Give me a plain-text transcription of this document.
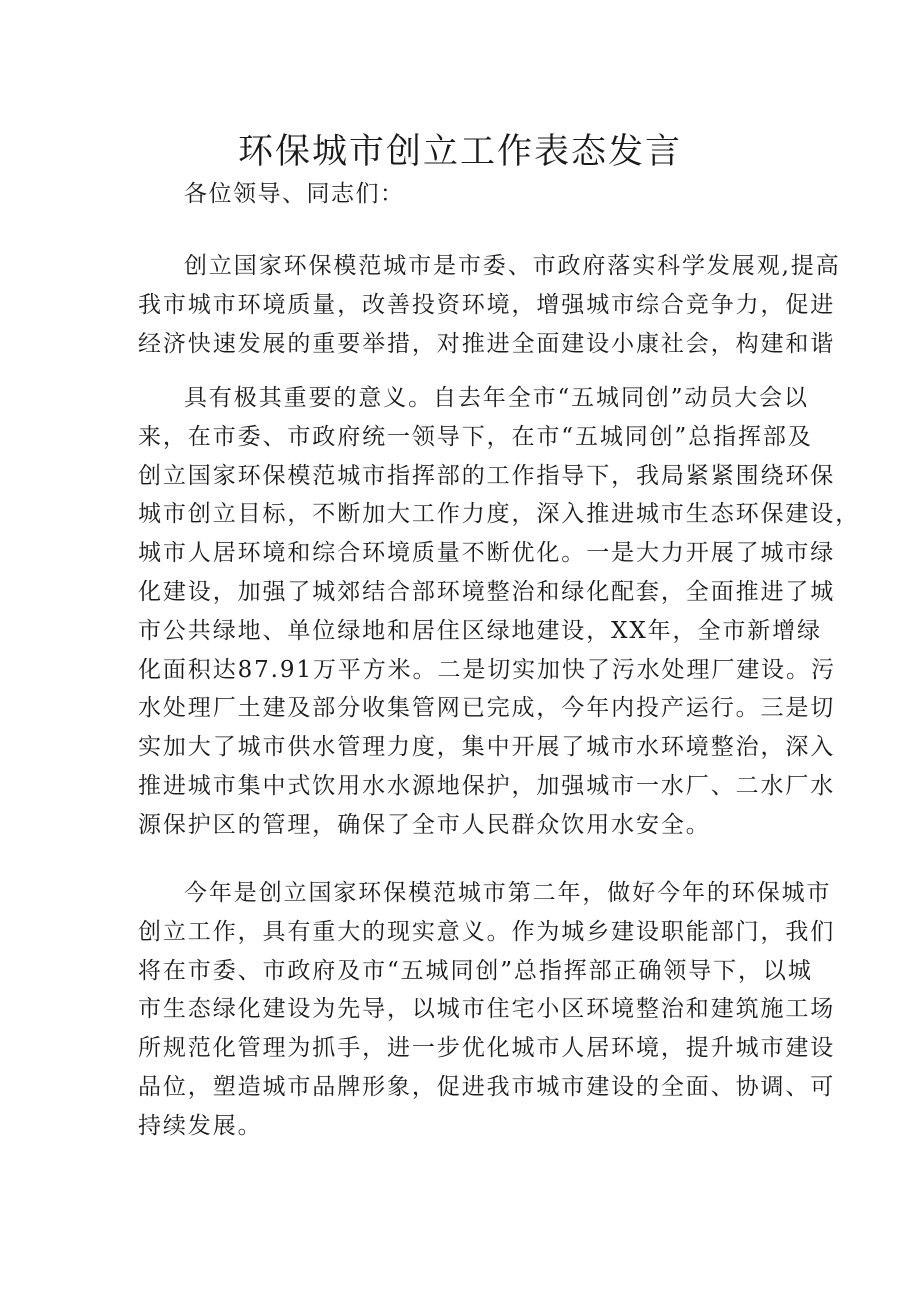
环保城市创立工作表态发言

各位领导、同志们：

创立国家环保模范城市是市委、市政府落实科学发展观,提高
我市城市环境质量，改善投资环境，增强城市综合竞争力，促进
经济快速发展的重要举措，对推进全面建设小康社会，构建和谐

具有极其重要的意义。自去年全市“五城同创”动员大会以
来，在市委、市政府统一领导下，在市“五城同创”总指挥部及
创立国家环保模范城市指挥部的工作指导下，我局紧紧围绕环保
城市创立目标，不断加大工作力度，深入推进城市生态环保建设，
城市人居环境和综合环境质量不断优化。一是大力开展了城市绿
化建设，加强了城郊结合部环境整治和绿化配套，全面推进了城
市公共绿地、单位绿地和居住区绿地建设，XX年，全市新增绿
化面积达87.91万平方米。二是切实加快了污水处理厂建设。污
水处理厂土建及部分收集管网已完成，今年内投产运行。三是切
实加大了城市供水管理力度，集中开展了城市水环境整治，深入
推进城市集中式饮用水水源地保护，加强城市一水厂、二水厂水
源保护区的管理，确保了全市人民群众饮用水安全。

今年是创立国家环保模范城市第二年，做好今年的环保城市
创立工作，具有重大的现实意义。作为城乡建设职能部门，我们
将在市委、市政府及市“五城同创”总指挥部正确领导下，以城
市生态绿化建设为先导，以城市住宅小区环境整治和建筑施工场
所规范化管理为抓手，进一步优化城市人居环境，提升城市建设
品位，塑造城市品牌形象，促进我市城市建设的全面、协调、可
持续发展。
